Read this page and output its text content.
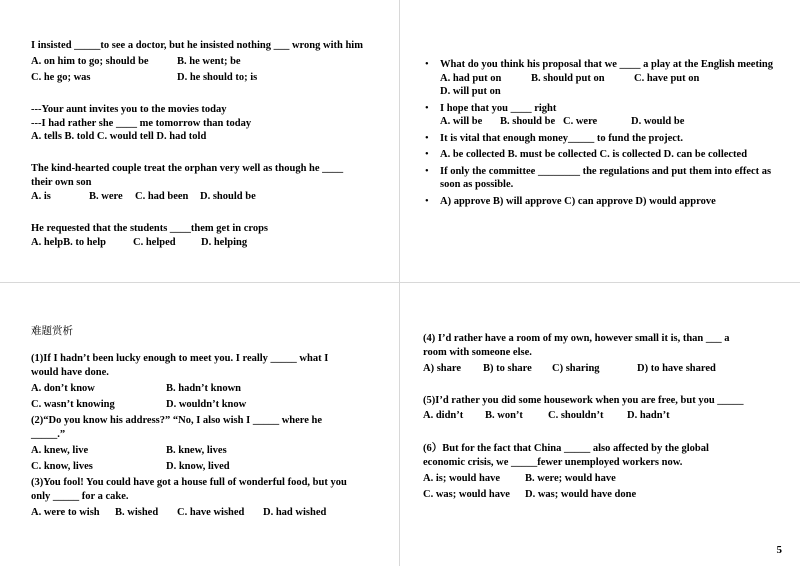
I insisted _____to see a doctor, but he insisted nothing ___ wrong with him
A. on him to go; should be	B. he went; be
C. he go; was	D. he should to; is
---Your aunt invites you to the movies today
---I had rather she ____ me tomorrow than today
A. tells B. told C. would tell D. had told
The kind-hearted couple treat the orphan very well as though he ____
their own son
A. is	B. were C. had been D. should be
He requested that the students ____them get in crops
A. helpB. to help	C. helped D. helping
• What do you think his proposal that we ____ a play at the English meeting
A. had put on	B. should put on	C. have put onD. will put on
• I hope that you ____ right
A. will be B. should be C. were	D. would be
• It is vital that enough money_____ to fund the project.
• A. be collected B. must be collected C. is collected D. can be collected
• If only the committee ________ the regulations and put them into effect as soon as possible.
• A) approve B) will approve C) can approve D) would approve
难题赏析
(1)If I hadn’t been lucky enough to meet you. I really _____ what I
would have done.
A. don’t know	B. hadn’t known
C. wasn’t knowing	D. wouldn’t know
(2)“Do you know his address?” “No, I also wish I _____ where he
_____.”
A. knew, live	B. knew, lives
C. know, lives	D. know, lived
(3)You fool! You could have got a house full of wonderful food, but you
only _____ for a cake.
A. were to wish B. wished C. have wished D. had wished
(4) I’d rather have a room of my own, however small it is, than ___ a
room with someone else.
A) share B) to share C) sharing	D) to have shared
(5)I’d rather you did some housework when you are free, but you _____
A. didn’t B. won’t C. shouldn’t D. hadn’t
(6）But for the fact that China _____ also affected by the global
economic crisis, we _____fewer unemployed workers now.
A. is; would have B. were; would have
C. was; would have D. was; would have done
5
